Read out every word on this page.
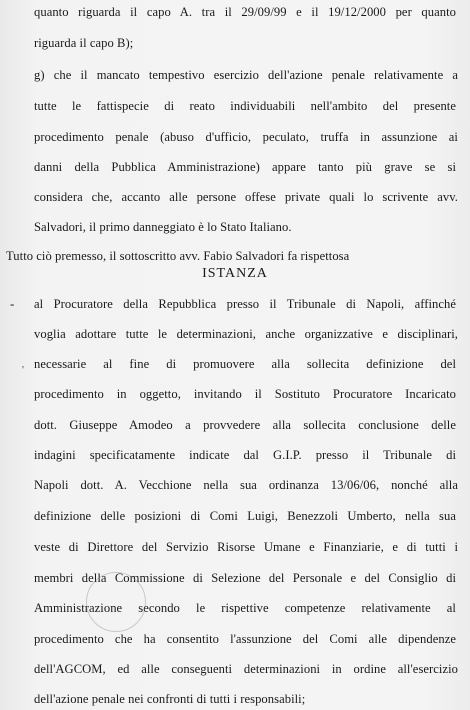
quanto riguarda il capo A. tra il 29/09/99 e il 19/12/2000 per quanto
riguarda il capo B);
g) che il mancato tempestivo esercizio dell'azione penale relativamente a
tutte le fattispecie di reato individuabili nell'ambito del presente
procedimento penale (abuso d'ufficio, peculato, truffa in assunzione ai
danni della Pubblica Amministrazione) appare tanto più grave se si
considera che, accanto alle persone offese private quali lo scrivente avv.
Salvadori, il primo danneggiato è lo Stato Italiano.
Tutto ciò premesso, il sottoscritto avv. Fabio Salvadori fa rispettosa
ISTANZA
-
'
al Procuratore della Repubblica presso il Tribunale di Napoli, affinché
voglia adottare tutte le determinazioni, anche organizzative e disciplinari,
necessarie al fine di promuovere alla sollecita definizione del
procedimento in oggetto, invitando il Sostituto Procuratore Incaricato
dott. Giuseppe Amodeo a provvedere alla sollecita conclusione delle
indagini specificatamente indicate dal G.I.P. presso il Tribunale di
Napoli dott. A. Vecchione nella sua ordinanza 13/06/06, nonché alla
definizione delle posizioni di Comi Luigi, Benezzoli Umberto, nella sua
veste di Direttore del Servizio Risorse Umane e Finanziarie, e di tutti i
membri della Commissione di Selezione del Personale e del Consiglio di
Amministrazione secondo le rispettive competenze relativamente al
procedimento che ha consentito l'assunzione del Comi alle dipendenze
dell'AGCOM, ed alle conseguenti determinazioni in ordine all'esercizio
dell'azione penale nei confronti di tutti i responsabili;
